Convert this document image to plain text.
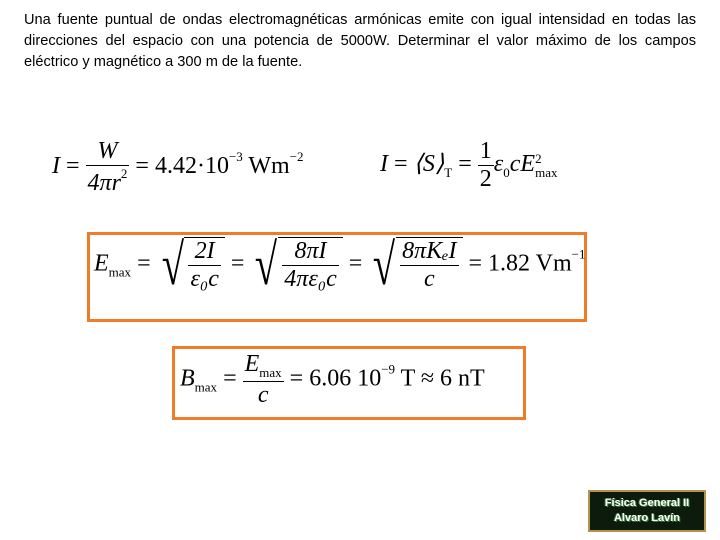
Una fuente puntual de ondas electromagnéticas armónicas emite con igual intensidad en todas las direcciones del espacio con una potencia de 5000W. Determinar el valor máximo de los campos eléctrico y magnético a 300 m de la fuente.

$I = \frac{W}{4\pi r^2} = 4.42\cdot 10^{-3}$ $Wm^{-2}$	$I = ⟨S⟩_T = \frac{1}{2} \varepsilon_0cE$ 2
max
$E_{max}$ = √ $\frac{2I}{\text{ε₀c}}$ = √ $\frac{8\pi I}{\text{4πε₀c}}$ = √ $\frac{\text{8πKₑI}}{c} = 1.82$ $Vm^{-1}$
$B_{max} = \frac{E_{max}}{c} = 6.06$ $10^{-9}$ T ≈ 6 nT
Física General II
Alvaro Lavín
